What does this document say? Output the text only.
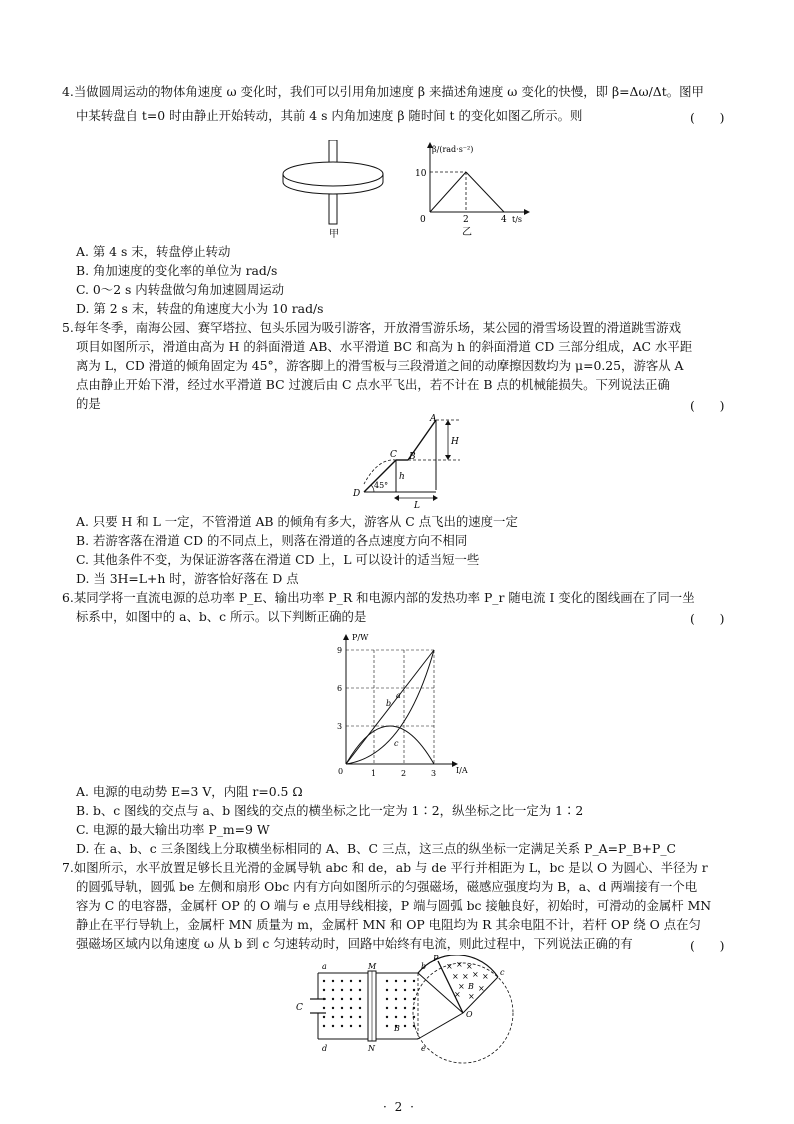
4.当做圆周运动的物体角速度 ω 变化时，我们可以引用角加速度 β 来描述角速度 ω 变化的快慢，即 β=Δω/Δt。图甲
中某转盘自 t=0 时由静止开始转动，其前 4 s 内角加速度 β 随时间 t 的变化如图乙所示。则	(　　)
甲
β/(rad·s⁻²)
10
0	2	4 t/s
乙
A. 第 4 s 末，转盘停止转动
B. 角加速度的变化率的单位为 rad/s
C. 0～2 s 内转盘做匀角加速圆周运动
D. 第 2 s 末，转盘的角速度大小为 10 rad/s
5.每年冬季，南海公园、赛罕塔拉、包头乐园为吸引游客，开放滑雪游乐场，某公园的滑雪场设置的滑道跳雪游戏
项目如图所示，滑道由高为 H 的斜面滑道 AB、水平滑道 BC 和高为 h 的斜面滑道 CD 三部分组成，AC 水平距
离为 L，CD 滑道的倾角固定为 45°，游客脚上的滑雪板与三段滑道之间的动摩擦因数均为 μ=0.25，游客从 A
点由静止开始下滑，经过水平滑道 BC 过渡后由 C 点水平飞出，若不计在 B 点的机械能损失。下列说法正确
的是	(　　)
A
B
C
D
H
h
L
45°
A. 只要 H 和 L 一定，不管滑道 AB 的倾角有多大，游客从 C 点飞出的速度一定
B. 若游客落在滑道 CD 的不同点上，则落在滑道的各点速度方向不相同
C. 其他条件不变，为保证游客落在滑道 CD 上，L 可以设计的适当短一些
D. 当 3H=L+h 时，游客恰好落在 D 点
6.某同学将一直流电源的总功率 P_E、输出功率 P_R 和电源内部的发热功率 P_r 随电流 I 变化的图线画在了同一坐
标系中，如图中的 a、b、c 所示。以下判断正确的是	(　　)
P/W
9
6
3
0	1	2	3 I/A
a
b
c
A. 电源的电动势 E=3 V，内阻 r=0.5 Ω
B. b、c 图线的交点与 a、b 图线的交点的横坐标之比一定为 1∶2，纵坐标之比一定为 1∶2
C. 电源的最大输出功率 P_m=9 W
D. 在 a、b、c 三条图线上分取横坐标相同的 A、B、C 三点，这三点的纵坐标一定满足关系 P_A=P_B+P_C
7.如图所示，水平放置足够长且光滑的金属导轨 abc 和 de，ab 与 de 平行并相距为 L，bc 是以 O 为圆心、半径为 r
的圆弧导轨，圆弧 be 左侧和扇形 Obc 内有方向如图所示的匀强磁场，磁感应强度均为 B，a、d 两端接有一个电
容为 C 的电容器，金属杆 OP 的 O 端与 e 点用导线相接，P 端与圆弧 bc 接触良好，初始时，可滑动的金属杆 MN
静止在平行导轨上，金属杆 MN 质量为 m，金属杆 MN 和 OP 电阻均为 R 其余电阻不计，若杆 OP 绕 O 点在匀
强磁场区域内以角速度 ω 从 b 到 c 匀速转动时，回路中始终有电流，则此过程中，下列说法正确的有	(　　)
× × ×
× × × ×
×
×
×
×
a	M	b
P
c
C
B
B
O
d	N	e
· 2 ·
